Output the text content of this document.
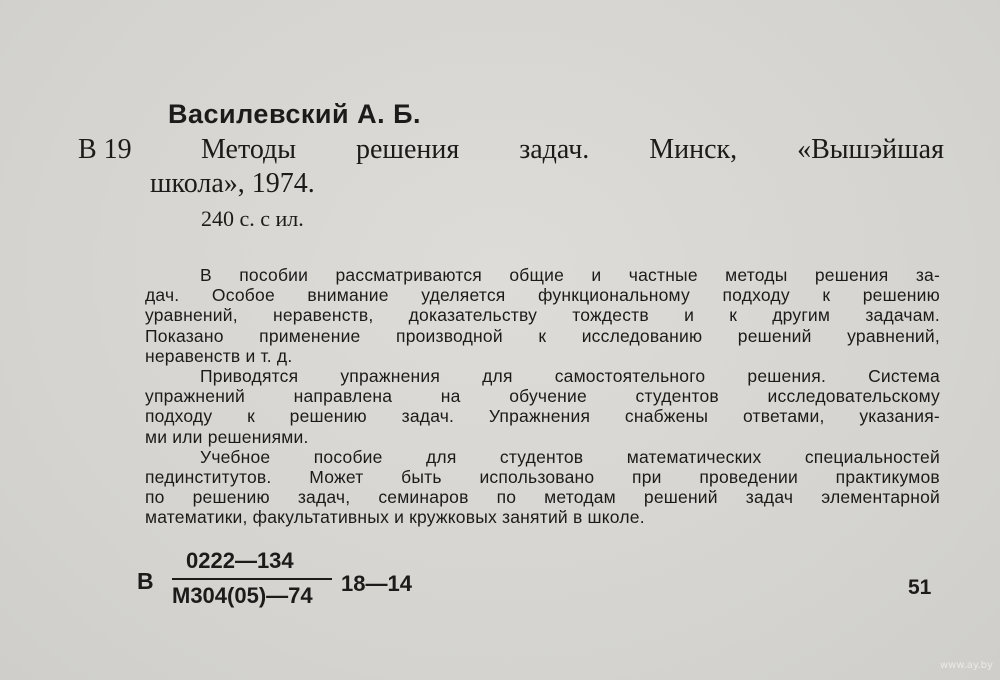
Василевский А. Б.
В 19 Методы решения задач. Минск, «Вышэйшая
школа», 1974.
240 с. с ил.
В пособии рассматриваются общие и частные методы решения за-
дач. Особое внимание уделяется функциональному подходу к решению
уравнений, неравенств, доказательству тождеств и к другим задачам.
Показано применение производной к исследованию решений уравнений,
неравенств и т. д.
Приводятся упражнения для самостоятельного решения. Система
упражнений	направлена	на	обучение	студентов	исследовательскому
подходу к решению задач. Упражнения снабжены ответами, указания-
ми или решениями.
Учебное пособие для студентов математических специальностей
пединститутов. Может быть использовано при проведении практикумов
по решению задач, семинаров по методам решений задач элементарной
математики, факультативных и кружковых занятий в школе.
В
0222—134
М304(05)—74	18—14	51
www.ay.by
